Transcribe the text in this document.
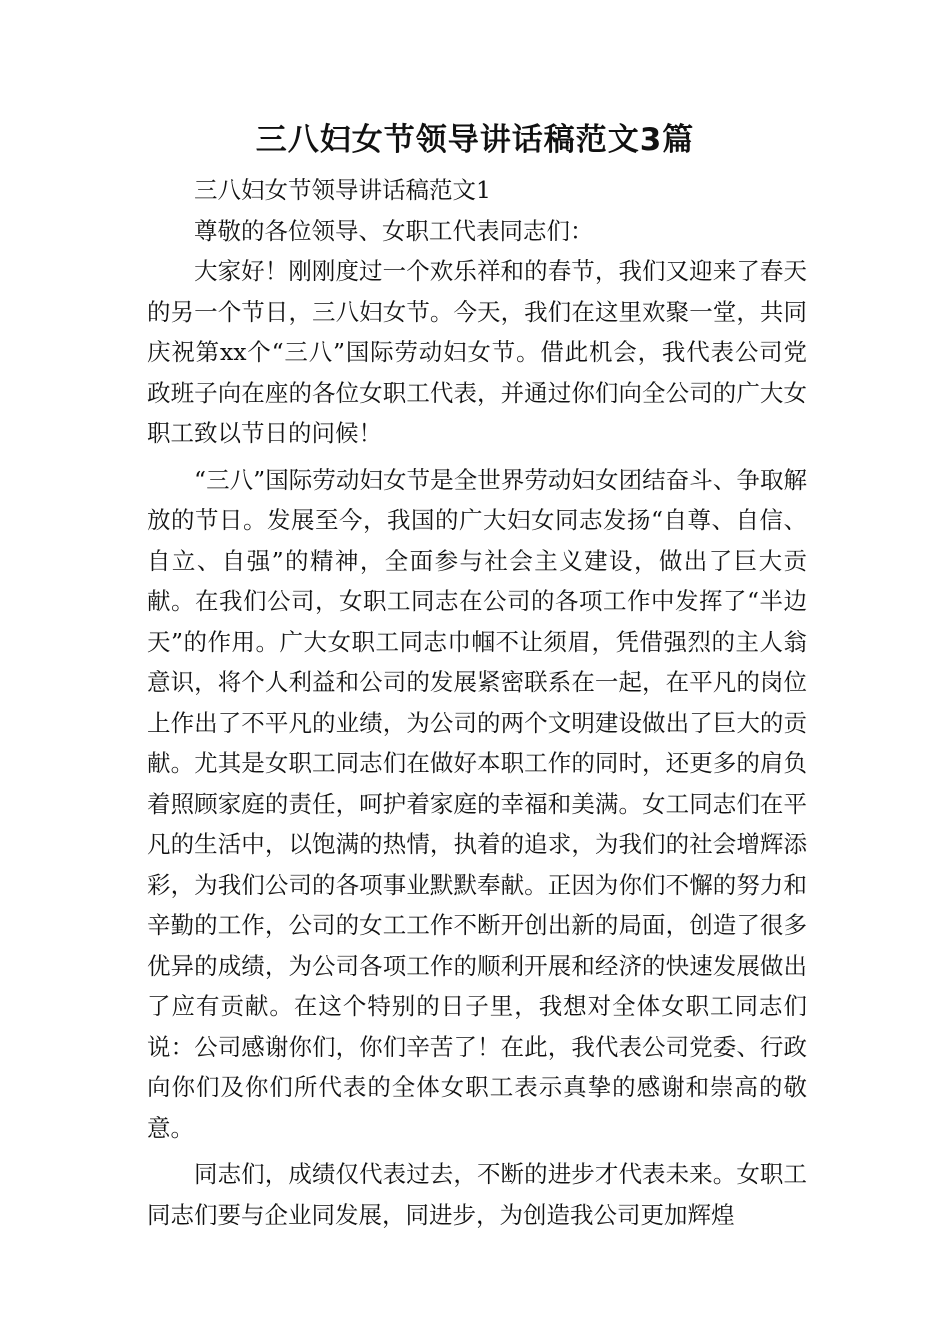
三八妇女节领导讲话稿范文3篇

三八妇女节领导讲话稿范文1

尊敬的各位领导、女职工代表同志们：

大家好！刚刚度过一个欢乐祥和的春节，我们又迎来了春天的另一个节日，三八妇女节。今天，我们在这里欢聚一堂，共同庆祝第xx个“三八”国际劳动妇女节。借此机会，我代表公司党政班子向在座的各位女职工代表，并通过你们向全公司的广大女职工致以节日的问候！

“三八”国际劳动妇女节是全世界劳动妇女团结奋斗、争取解放的节日。发展至今，我国的广大妇女同志发扬“自尊、自信、自立、自强”的精神，全面参与社会主义建设，做出了巨大贡献。在我们公司，女职工同志在公司的各项工作中发挥了“半边天”的作用。广大女职工同志巾帼不让须眉，凭借强烈的主人翁意识，将个人利益和公司的发展紧密联系在一起，在平凡的岗位上作出了不平凡的业绩，为公司的两个文明建设做出了巨大的贡献。尤其是女职工同志们在做好本职工作的同时，还更多的肩负着照顾家庭的责任，呵护着家庭的幸福和美满。女工同志们在平凡的生活中，以饱满的热情，执着的追求，为我们的社会增辉添彩，为我们公司的各项事业默默奉献。正因为你们不懈的努力和辛勤的工作，公司的女工工作不断开创出新的局面，创造了很多优异的成绩，为公司各项工作的顺利开展和经济的快速发展做出了应有贡献。在这个特别的日子里，我想对全体女职工同志们说：公司感谢你们，你们辛苦了！在此，我代表公司党委、行政向你们及你们所代表的全体女职工表示真挚的感谢和崇高的敬意。

同志们，成绩仅代表过去，不断的进步才代表未来。女职工同志们要与企业同发展，同进步，为创造我公司更加辉煌
